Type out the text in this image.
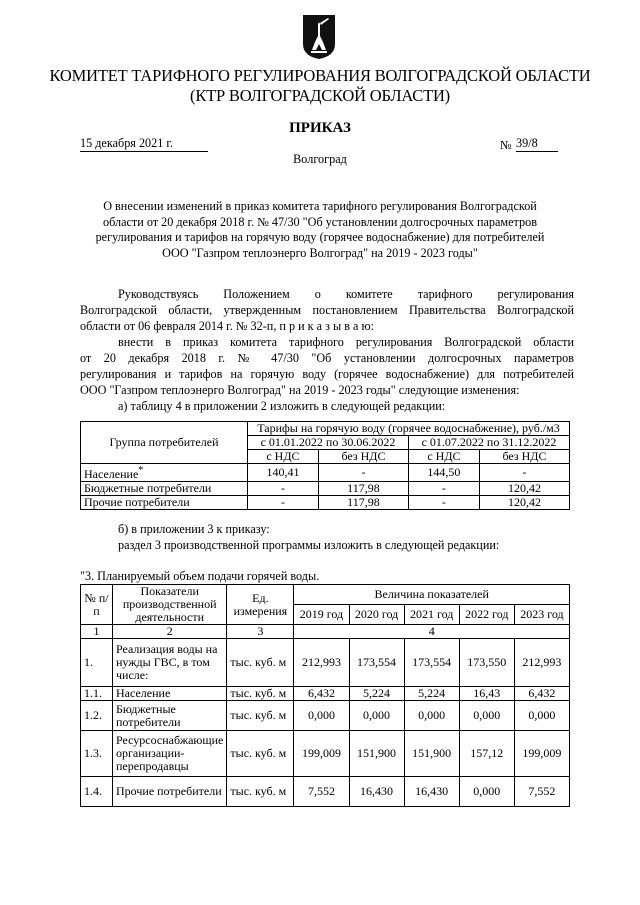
КОМИТЕТ ТАРИФНОГО РЕГУЛИРОВАНИЯ ВОЛГОГРАДСКОЙ ОБЛАСТИ
(КТР ВОЛГОГРАДСКОЙ ОБЛАСТИ)
ПРИКАЗ
15 декабря 2021 г.	№ 39/8
Волгоград
О внесении изменений в приказ комитета тарифного регулирования Волгоградской
области от 20 декабря 2018 г. № 47/30 "Об установлении долгосрочных параметров
регулирования и тарифов на горячую воду (горячее водоснабжение) для потребителей
ООО "Газпром теплоэнерго Волгоград" на 2019 - 2023 годы"
Руководствуясь Положением о комитете тарифного регулирования
Волгоградской области, утвержденным постановлением Правительства Волгоградской
области от 06 февраля 2014 г. № 32-п, п р и к а з ы в а ю:
внести в приказ комитета тарифного регулирования Волгоградской области
от 20 декабря 2018 г. № 47/30 "Об установлении долгосрочных параметров
регулирования и тарифов на горячую воду (горячее водоснабжение) для потребителей
ООО "Газпром теплоэнерго Волгоград" на 2019 - 2023 годы" следующие изменения:
а) таблицу 4 в приложении 2 изложить в следующей редакции:
Группа потребителей	Тарифы на горячую воду (горячее водоснабжение), руб./м3			
	с 01.01.2022 по 30.06.2022		с 01.07.2022 по 31.12.2022	
	с НДС	без НДС	с НДС	без НДС
Население*	140,41	-	144,50	-
Бюджетные потребители	-	117,98	-	120,42
Прочие потребители	-	117,98	-	120,42
б) в приложении 3 к приказу:
раздел 3 производственной программы изложить в следующей редакции:
"3. Планируемый объем подачи горячей воды.
№ п/п	Показатели производственной деятельности	Ед. измерения	Величина показателей				
			2019 год	2020 год	2021 год	2022 год	2023 год
1	2	3	4				
1.	Реализация воды на нужды ГВС, в том числе:	тыс. куб. м	212,993	173,554	173,554	173,550	212,993
1.1.	Население	тыс. куб. м	6,432	5,224	5,224	16,43	6,432
1.2.	Бюджетные потребители	тыс. куб. м	0,000	0,000	0,000	0,000	0,000
1.3.	Ресурсоснабжающие организации-перепродавцы	тыс. куб. м	199,009	151,900	151,900	157,12	199,009
1.4.	Прочие потребители	тыс. куб. м	7,552	16,430	16,430	0,000	7,552
